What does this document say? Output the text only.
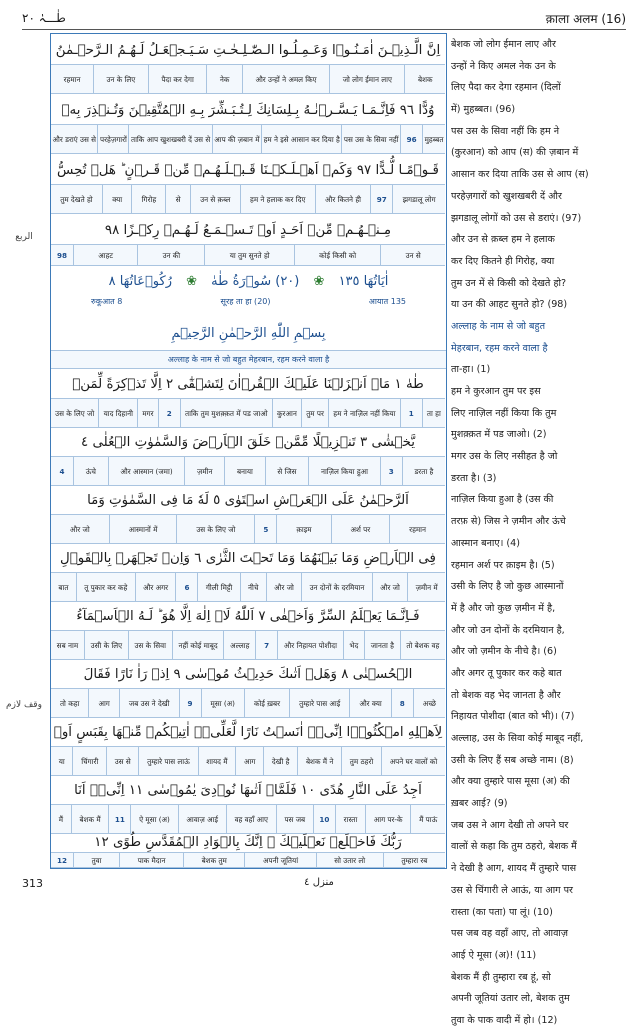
طٰـــہٰ ٢٠	क़ाला अलम (16)
الربع
وقف لازم
اِنَّ الَّـذِيۡـنَ اٰمَـنُـوۡا وَعَـمِـلُـوا الـصّٰـلِـحٰـتِ سَـيَـجۡعَـلُ لَـهُـمُ الـرَّحۡـمٰنُ
बेशक
जो लोग ईमान लाए
और उन्हों ने अमल किए
नेक
पैदा कर देगा
उन के लिए
रहमान
وُدًّا ٩٦ فَاِنَّـمَـا يَـسَّـرۡنٰـهُ بِـلِسَانِكَ لِـتُـبَـشِّرَ بِـهِ الۡمُتَّقِيۡنَ وَتُـنۡذِرَ بِهٖ
मुहब्बत
96
पस उस के सिवा नहीं
हम ने इसे आसान कर दिया है
आप की ज़बान में
ताकि आप खुशखबरी दें उस से
परहेज़गारों
और डराएं उस से
قَـوۡمًـا لُّـدًّا ٩٧ وَكَمۡ اَهۡـلَـكۡـنَا قَـبۡـلَـهُـمۡ مِّنۡ قَـرۡنٍ ؕ هَلۡ تُحِسُّ
झगडालू लोग
97
और कितने ही
हम ने हलाक कर दिए
उन से क़ब्ल
से
गिरोह
क्या
तुम देखते हो
مِـنۡـهُـمۡ مِّنۡ اَحَـدٍ اَوۡ تَـسۡـمَـعُ لَـهُـمۡ رِكۡـزًا ٩٨
उन से
कोई किसी को
या तुम सुनते हो
उन की
आहट
98
اٰيَاتُهَا ١٣٥ ❀ (٢٠) سُوۡرَةُ طٰهٰ ❀ رُكُوۡعَاتُهَا ٨
आयात 135
(20) सूरह ता हा
रुकूआत 8
بِسۡمِ اللّٰهِ الرَّحۡمٰنِ الرَّحِيۡمِ
अल्लाह के नाम से जो बहुत मेहरबान, रहम करने वाला है
طٰهٰ ١ مَاۤ اَنۡزَلۡنَا عَلَيۡكَ الۡقُرۡاٰنَ لِتَشۡقٰٓى ٢ اِلَّا تَذۡكِرَةً لِّمَنۡ
ता हा
1
हम ने नाज़िल नहीं किया
तुम पर
कुरआन
ताकि तुम मुशक़्क़त में पड जाओ
2
मगर
याद दिहानी
उस के लिए जो
يَّخۡشٰى ٣ تَنۡزِيۡلًا مِّمَّنۡ خَلَقَ الۡاَرۡضَ وَالسَّمٰوٰتِ الۡعُلٰى ٤
डरता है
3
नाज़िल किया हुआ
से जिस
बनाया
ज़मीन
और आस्मान (जमा)
ऊंचे
4
اَلرَّحۡمٰنُ عَلَى الۡعَرۡشِ اسۡتَوٰى ٥ لَهٗ مَا فِى السَّمٰوٰتِ وَمَا
रहमान
अर्श पर
क़ाइम
5
उस के लिए जो
आस्मानों में
और जो
فِى الۡاَرۡضِ وَمَا بَيۡنَهُمَا وَمَا تَحۡتَ الثَّرٰى ٦ وَاِنۡ تَجۡهَرۡ بِالۡقَوۡلِ
ज़मीन में
और जो
उन दोनों के दरमियान
और जो
नीचे
गीली मिट्टी
6
और अगर
तू पुकार कर कहे
बात
فَـاِنَّـمَا يَعۡلَمُ السِّرَّ وَاَخۡفٰى ٧ اَللّٰهُ لَاۤ اِلٰهَ اِلَّا هُوَ ؕ لَـهُ الۡاَسۡمَآءُ
तो बेशक वह
जानता है
भेद
और निहायत पोशीदा
7
अल्लाह
नहीं कोई माबूद
उस के सिवा
उसी के लिए
सब नाम
الۡحُسۡنٰى ٨ وَهَلۡ اَتٰٮكَ حَدِيۡثُ مُوۡسٰى ٩ اِذۡ رَاٰ نَارًا فَقَالَ
अच्छे
8
और क्या
तुम्हारे पास आई
कोई ख़बर
मूसा (अ)
9
जब उस ने देखी
आग
तो कहा
لِاَهۡلِهِ امۡكُثُوۡۤا اِنِّىۡۤ اٰنَسۡتُ نَارًا لَّعَلِّىۡۤ اٰتِيۡكُمۡ مِّنۡهَا بِقَبَسٍ اَوۡ
अपने घर वालों को
तुम ठहरो
बेशक मैं ने
देखी है
आग
शायद मैं
तुम्हारे पास लाऊं
उस से
चिंगारी
या
اَجِدُ عَلَى النَّارِ هُدًى ١٠ فَلَمَّاۤ اَتٰٮهَا نُوۡدِىَ يٰمُوۡسٰى ١١ اِنِّىۡۤ اَنَا
मैं पाऊं
आग पर-के
रास्ता
10
पस जब
वह वहाँ आए
आवाज़ आई
ऐ मूसा (अ)
11
बेशक मैं
मैं
رَبُّكَ فَاخۡلَعۡ نَعۡلَيۡكَ ۚ اِنَّكَ بِالۡوَادِ الۡمُقَدَّسِ طُوًى ١٢
तुम्हारा रब
सो उतार लो
अपनी जूतियां
बेशक तुम
पाक मैदान
तुवा
12
बेशक जो लोग ईमान लाए और
उन्हों ने किए अमल नेक उन के
लिए पैदा कर देगा रहमान (दिलों
में) मुहब्बत। (96)
पस उस के सिवा नहीं कि हम ने
(कुरआन) को आप (स) की ज़बान में
आसान कर दिया ताकि उस से आप (स)
परहेज़गारों को खुशखबरी दें और
झगडालू लोगों को उस से डराएं। (97)
और उन से क़ब्ल हम ने हलाक
कर दिए कितने ही गिरोह, क्या
तुम उन में से किसी को देखते हो?
या उन की आहट सुनते हो? (98)
अल्लाह के नाम से जो बहुत
मेहरबान, रहम करने वाला है
ता-हा। (1)
हम ने कुरआन तुम पर इस
लिए नाज़िल नहीं किया कि तुम
मुशक़्क़त में पड जाओ। (2)
मगर उस के लिए नसीहत है जो
डरता है। (3)
नाज़िल किया हुआ है (उस की
तरफ़ से) जिस ने ज़मीन और ऊंचे
आस्मान बनाए। (4)
रहमान अर्श पर क़ाइम है। (5)
उसी के लिए है जो कुछ आस्मानों
में है और जो कुछ ज़मीन में है,
और जो उन दोनों के दरमियान है,
और जो ज़मीन के नीचे है। (6)
और अगर तू पुकार कर कहे बात
तो बेशक वह भेद जानता है और
निहायत पोशीदा (बात को भी)। (7)
अल्लाह, उस के सिवा कोई माबूद नहीं,
उसी के लिए हैं सब अच्छे नाम। (8)
और क्या तुम्हारे पास मूसा (अ) की
ख़बर आई? (9)
जब उस ने आग देखी तो अपने घर
वालों से कहा कि तुम ठहरो, बेशक मैं
ने देखी है आग, शायद मैं तुम्हारे पास
उस से चिंगारी ले आऊं, या आग पर
रास्ता (का पता) पा लूं। (10)
पस जब वह वहाँ आए, तो आवाज़
आई ऐ मूसा (अ)! (11)
बेशक मैं ही तुम्हारा रब हूं, सो
अपनी जूतियां उतार लो, बेशक तुम
तुवा के पाक वादी में हो। (12)
313	منزل ٤
